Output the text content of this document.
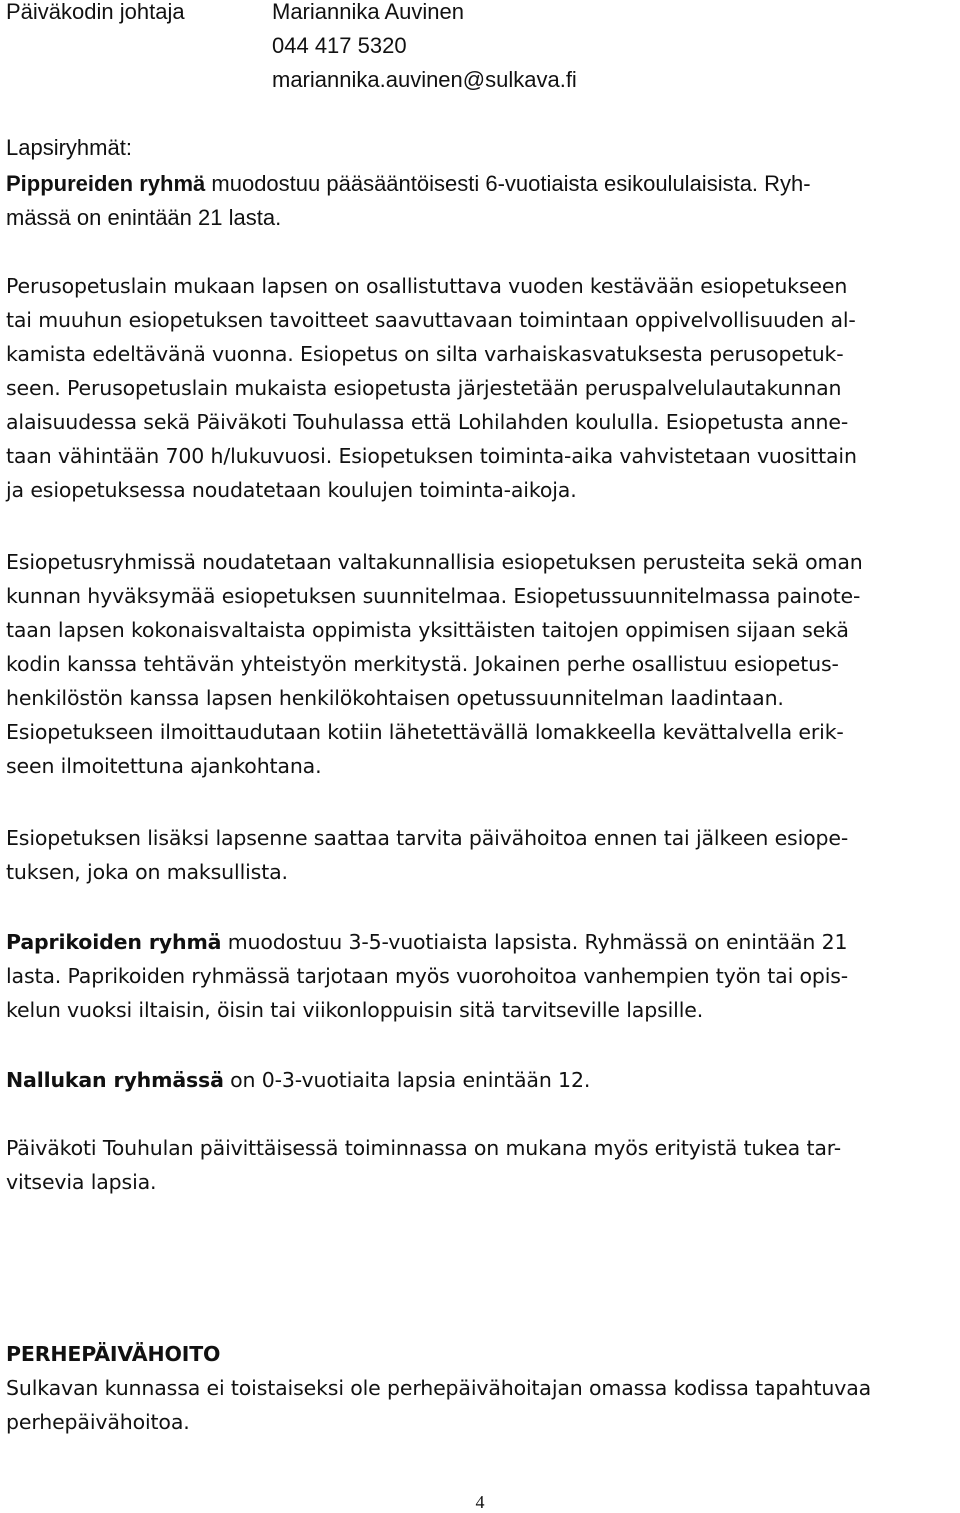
Päiväkodin johtaja	Mariannika Auvinen
044 417 5320
mariannika.auvinen@sulkava.fi
Lapsiryhmät:
Pippureiden ryhmä muodostuu pääsääntöisesti 6-vuotiaista esikoululaisista. Ryh-
mässä on enintään 21 lasta.
Perusopetuslain mukaan lapsen on osallistuttava vuoden kestävään esiopetukseen
tai muuhun esiopetuksen tavoitteet saavuttavaan toimintaan oppivelvollisuuden al-
kamista edeltävänä vuonna. Esiopetus on silta varhaiskasvatuksesta perusopetuk-
seen. Perusopetuslain mukaista esiopetusta järjestetään peruspalvelulautakunnan
alaisuudessa sekä Päiväkoti Touhulassa että Lohilahden koululla. Esiopetusta anne-
taan vähintään 700 h/lukuvuosi. Esiopetuksen toiminta-aika vahvistetaan vuosittain
ja esiopetuksessa noudatetaan koulujen toiminta-aikoja.
Esiopetusryhmissä noudatetaan valtakunnallisia esiopetuksen perusteita sekä oman
kunnan hyväksymää esiopetuksen suunnitelmaa. Esiopetussuunnitelmassa painote-
taan lapsen kokonaisvaltaista oppimista yksittäisten taitojen oppimisen sijaan sekä
kodin kanssa tehtävän yhteistyön merkitystä. Jokainen perhe osallistuu esiopetus-
henkilöstön kanssa lapsen henkilökohtaisen opetussuunnitelman laadintaan.
Esiopetukseen ilmoittaudutaan kotiin lähetettävällä lomakkeella kevättalvella erik-
seen ilmoitettuna ajankohtana.
Esiopetuksen lisäksi lapsenne saattaa tarvita päivähoitoa ennen tai jälkeen esiope-
tuksen, joka on maksullista.
Paprikoiden ryhmä muodostuu 3-5-vuotiaista lapsista. Ryhmässä on enintään 21
lasta. Paprikoiden ryhmässä tarjotaan myös vuorohoitoa vanhempien työn tai opis-
kelun vuoksi iltaisin, öisin tai viikonloppuisin sitä tarvitseville lapsille.
Nallukan ryhmässä on 0-3-vuotiaita lapsia enintään 12.
Päiväkoti Touhulan päivittäisessä toiminnassa on mukana myös erityistä tukea tar-
vitsevia lapsia.
PERHEPÄIVÄHOITO
Sulkavan kunnassa ei toistaiseksi ole perhepäivähoitajan omassa kodissa tapahtuvaa
perhepäivähoitoa.
4
